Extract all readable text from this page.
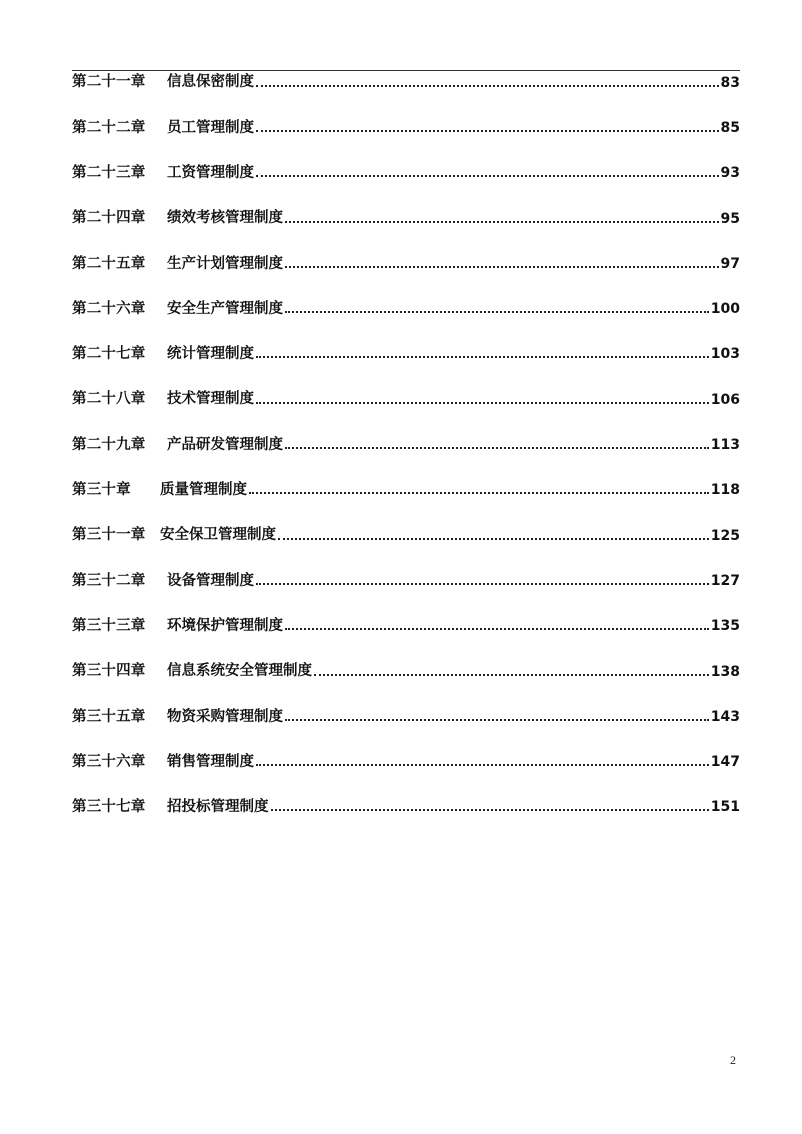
第二十一章	信息保密制度	83
第二十二章	员工管理制度	85
第二十三章	工资管理制度	93
第二十四章	绩效考核管理制度	95
第二十五章	生产计划管理制度	97
第二十六章	安全生产管理制度	100
第二十七章	统计管理制度	103
第二十八章	技术管理制度	106
第二十九章	产品研发管理制度	113
第三十章	质量管理制度	118
第三十一章	安全保卫管理制度	125
第三十二章	设备管理制度	127
第三十三章	环境保护管理制度	135
第三十四章	信息系统安全管理制度	138
第三十五章	物资采购管理制度	143
第三十六章	销售管理制度	147
第三十七章	招投标管理制度	151
2
